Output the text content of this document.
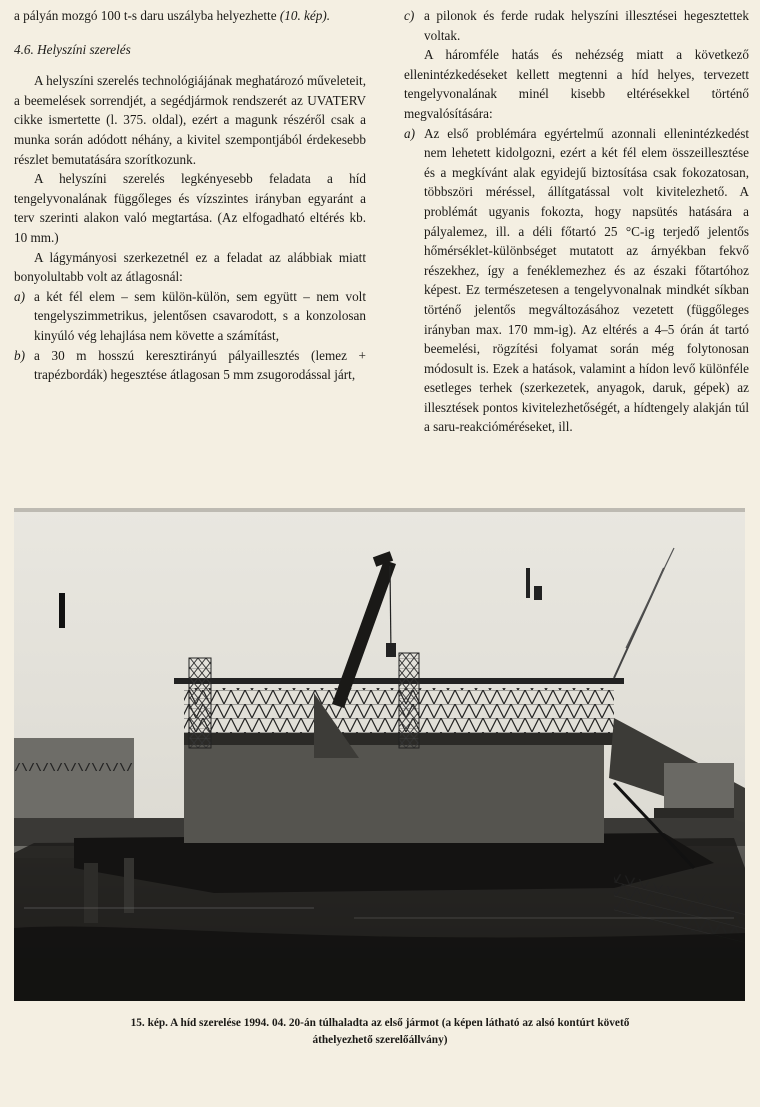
a pályán mozgó 100 t-s daru uszályba helyezhette (10. kép).

4.6. Helyszíni szerelés

A helyszíni szerelés technológiájának meghatározó műveleteit, a beemelések sorrendjét, a segédjármok rendszerét az UVATERV cikke ismertette (l. 375. oldal), ezért a magunk részéről csak a munka során adódott néhány, a kivitel szempontjából érdekesebb részlet bemutatására szorítkozunk.

A helyszíni szerelés legkényesebb feladata a híd tengelyvonalának függőleges és vízszintes irányban egyaránt a terv szerinti alakon való megtartása. (Az elfogadható eltérés kb. 10 mm.)

A lágymányosi szerkezetnél ez a feladat az alábbiak miatt bonyolultabb volt az átlagosnál:

a) a két fél elem – sem külön-külön, sem együtt – nem volt tengelyszimmetrikus, jelentősen csavarodott, s a konzolosan kinyúló vég lehajlása nem követte a számítást,
b) a 30 m hosszú keresztirányú pályaillesztés (lemez + trapézbordák) hegesztése átlagosan 5 mm zsugorodással járt,
c) a pilonok és ferde rudak helyszíni illesztései hegesztettek voltak.

A háromféle hatás és nehézség miatt a következő ellenintézkedéseket kellett megtenni a híd helyes, tervezett tengelyvonalának minél kisebb eltérésekkel történő megvalósítására:

a) Az első problémára egyértelmű azonnali ellenintézkedést nem lehetett kidolgozni, ezért a két fél elem összeillesztése és a megkívánt alak egyidejű biztosítása csak fokozatosan, többszöri méréssel, állítgatással volt kivitelezhető. A problémát ugyanis fokozta, hogy napsütés hatására a pályalemez, ill. a déli főtartó 25 °C-ig terjedő jelentős hőmérséklet-különbséget mutatott az árnyékban fekvő részekhez, így a fenéklemezhez és az északi főtartóhoz képest. Ez természetesen a tengelyvonalnak mindkét síkban történő jelentős megváltozásához vezetett (függőleges irányban max. 170 mm-ig). Az eltérés a 4–5 órán át tartó beemelési, rögzítési folyamat során még folytonosan módosult is. Ezek a hatások, valamint a hídon levő különféle esetleges terhek (szerkezetek, anyagok, daruk, gépek) az illesztések pontos kivitelezhetőségét, a hídtengely alakján túl a saru-reakcióméréseket, ill.
15. kép. A híd szerelése 1994. 04. 20-án túlhaladta az első jármot (a képen látható az alsó kontúrt követő
áthelyezhető szerelőállvány)
